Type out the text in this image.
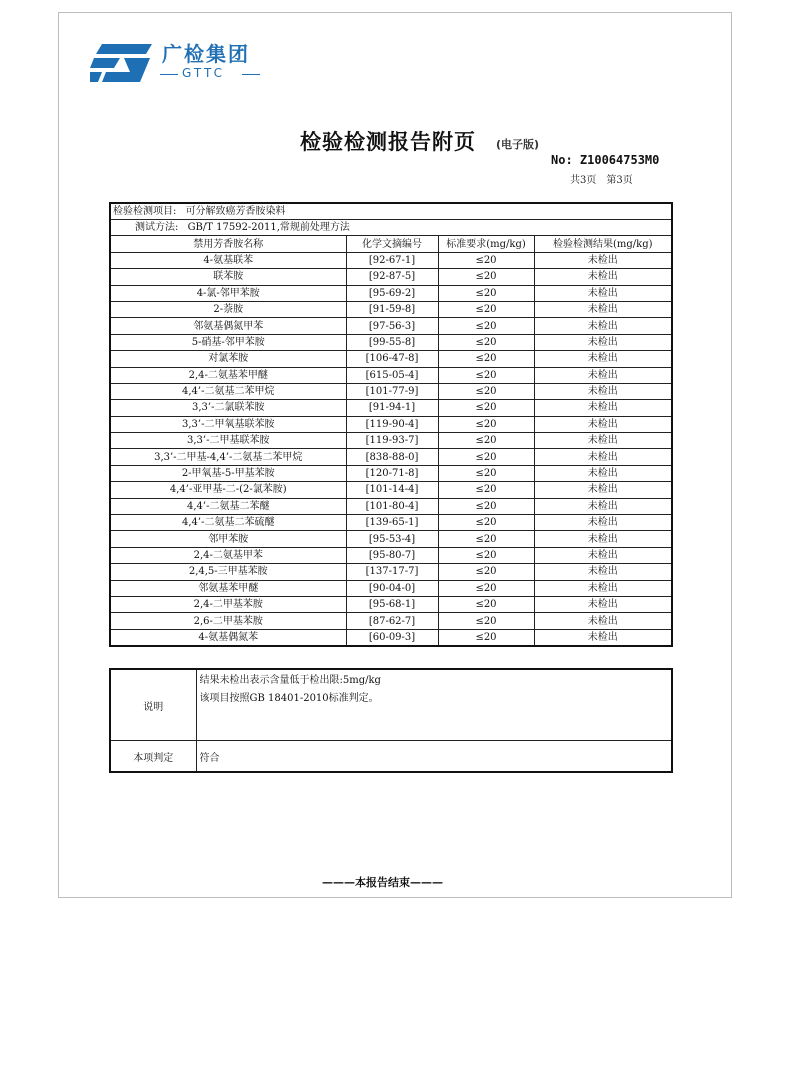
广检集团
GTTC
检验检测报告附页 (电子版)
No: Z10064753M0
共3页　第3页
检验检测项目: 可分解致癌芳香胺染料			
测试方法: GB/T 17592-2011,常规前处理方法			
禁用芳香胺名称	化学文摘编号	标准要求(mg/kg)	检验检测结果(mg/kg)
4-氨基联苯	[92-67-1]	≤20	未检出
联苯胺	[92-87-5]	≤20	未检出
4-氯-邻甲苯胺	[95-69-2]	≤20	未检出
2-萘胺	[91-59-8]	≤20	未检出
邻氨基偶氮甲苯	[97-56-3]	≤20	未检出
5-硝基-邻甲苯胺	[99-55-8]	≤20	未检出
对氯苯胺	[106-47-8]	≤20	未检出
2,4-二氨基苯甲醚	[615-05-4]	≤20	未检出
4,4’-二氨基二苯甲烷	[101-77-9]	≤20	未检出
3,3’-二氯联苯胺	[91-94-1]	≤20	未检出
3,3’-二甲氧基联苯胺	[119-90-4]	≤20	未检出
3,3’-二甲基联苯胺	[119-93-7]	≤20	未检出
3,3’-二甲基-4,4’-二氨基二苯甲烷	[838-88-0]	≤20	未检出
2-甲氧基-5-甲基苯胺	[120-71-8]	≤20	未检出
4,4’-亚甲基-二-(2-氯苯胺)	[101-14-4]	≤20	未检出
4,4’-二氨基二苯醚	[101-80-4]	≤20	未检出
4,4’-二氨基二苯硫醚	[139-65-1]	≤20	未检出
邻甲苯胺	[95-53-4]	≤20	未检出
2,4-二氨基甲苯	[95-80-7]	≤20	未检出
2,4,5-三甲基苯胺	[137-17-7]	≤20	未检出
邻氨基苯甲醚	[90-04-0]	≤20	未检出
2,4-二甲基苯胺	[95-68-1]	≤20	未检出
2,6-二甲基苯胺	[87-62-7]	≤20	未检出
4-氨基偶氮苯	[60-09-3]	≤20	未检出
说明	结果未检出表示含量低于检出限:5mg/kg
该项目按照GB 18401-2010标准判定。

本项判定	符合
———本报告结束———
